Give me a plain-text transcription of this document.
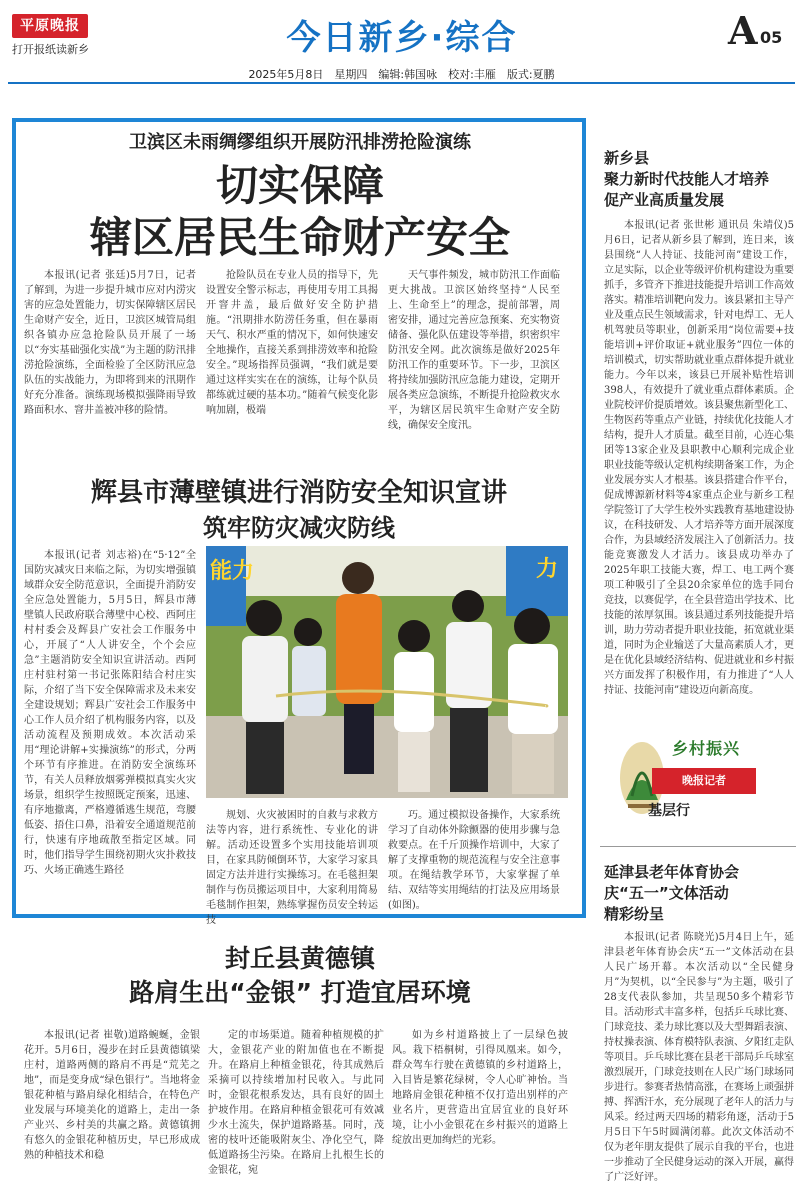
平原晚报
打开报纸读新乡	今日新乡·综合	A 05
2025年5月8日　星期四　编辑:韩国咏　校对:丰雁　版式:夏鹏
卫滨区未雨绸缪组织开展防汛排涝抢险演练
切实保障
辖区居民生命财产安全

本报讯(记者 张廷)5月7日，记者了解到，为进一步提升城市应对内涝灾害的应急处置能力，切实保障辖区居民生命财产安全，近日，卫滨区城管局组织各镇办应急抢险队员开展了一场以“夯实基础强化实战”为主题的防汛排涝抢险演练，全面检验了全区防汛应急队伍的实战能力，为即将到来的汛期作好充分准备。演练现场模拟强降雨导致路面积水、窨井盖被冲移的险情。

抢险队员在专业人员的指导下，先设置安全警示标志，再使用专用工具揭开窨井盖，最后做好安全防护措施。“汛期排水防涝任务重，但在暴雨天气、积水严重的情况下，如何快速安全地操作，直接关系到排涝效率和抢险安全。”现场指挥员强调，“我们就是要通过这样实实在在的演练，让每个队员都练就过硬的基本功。”随着气候变化影响加剧，极端

天气事件频发，城市防汛工作面临更大挑战。卫滨区始终坚持“人民至上、生命至上”的理念，提前部署，周密安排，通过完善应急预案、充实物资储备、强化队伍建设等举措，织密织牢防汛安全网。此次演练是做好2025年防汛工作的重要环节。下一步，卫滨区将持续加强防汛应急能力建设，定期开展各类应急演练，不断提升抢险救灾水平，为辖区居民筑牢生命财产安全防线，确保安全度汛。

辉县市薄壁镇进行消防安全知识宣讲
筑牢防灾减灾防线

本报讯(记者 刘志裕)在“5·12”全国防灾减灾日来临之际，为切实增强镇域群众安全防范意识，全面提升消防安全应急处置能力，5月5日，辉县市薄壁镇人民政府联合薄壁中心校、西阿庄村村委会及辉县广安社会工作服务中心，开展了“人人讲安全，个个会应急”主题消防安全知识宣讲活动。西阿庄村驻村第一书记张陈阳结合村庄实际，介绍了当下安全保障需求及未来安全建设规划；辉县广安社会工作服务中心工作人员介绍了机构服务内容，以及活动流程及预期成效。本次活动采用“理论讲解+实操演练”的形式，分两个环节有序推进。在消防安全演练环节，有关人员释放烟雾弹模拟真实火灾场景，组织学生按照既定预案，迅速、有序地撤离，严格遵循逃生规范，弯腰低姿、捂住口鼻，沿着安全通道规范前行，快速有序地疏散至指定区域。同时，他们指导学生围绕初期火灾扑救技巧、火场正确逃生路径

能力	力

规划、火灾被困时的自救与求救方法等内容，进行系统性、专业化的讲解。活动还设置多个实用技能培训项目，在家具防倾倒环节，大家学习家具固定方法并进行实操练习。在毛毯担架制作与伤员搬运项目中，大家利用简易毛毯制作担架，熟练掌握伤员安全转运技

巧。通过模拟设备操作，大家系统学习了自动体外除颤器的使用步骤与急救要点。在千斤顶操作培训中，大家了解了支撑重物的规范流程与安全注意事项。在绳结教学环节，大家掌握了单结、双结等实用绳结的打法及应用场景(如图)。

新乡县
聚力新时代技能人才培养
促产业高质量发展

本报讯(记者 张世彬 通讯员 朱靖仪)5月6日，记者从新乡县了解到，连日来，该县围绕“人人持证、技能河南”建设工作，立足实际，以企业等级评价机构建设为重要抓手，多管齐下推进技能提升培训工作高效落实。精准培训靶向发力。该县紧扣主导产业及重点民生领域需求，针对电焊工、无人机驾驶员等职业，创新采用“岗位需要+技能培训+评价取证+就业服务”四位一体的培训模式，切实帮助就业重点群体提升就业能力。今年以来，该县已开展补贴性培训398人，有效提升了就业重点群体素质。企业院校评价提质增效。该县聚焦新型化工、生物医药等重点产业链，持续优化技能人才结构，提升人才质量。截至目前，心连心集团等13家企业及县职教中心顺利完成企业职业技能等级认定机构续期备案工作，为企业发展夯实人才根基。该县搭建合作平台，促成博源新材料等4家重点企业与新乡工程学院签订了大学生校外实践教育基地建设协议，在科技研发、人才培养等方面开展深度合作，为县域经济发展注入了创新活力。技能竞赛激发人才活力。该县成功举办了2025年职工技能大赛，焊工、电工两个赛项工种吸引了全县20余家单位的选手同台竞技，以赛促学，在全县营造出学技术、比技能的浓厚氛围。该县通过系列技能提升培训，助力劳动者提升职业技能，拓宽就业渠道，同时为企业输送了大量高素质人才，更是在优化县域经济结构、促进就业和乡村振兴方面发挥了积极作用，有力推进了“人人持证、技能河南”建设迈向新高度。

乡村振兴
晚报记者
基层行
延津县老年体育协会
庆“五一”文体活动
精彩纷呈

本报讯(记者 陈晓光)5月4日上午，延津县老年体育协会庆“五一”文体活动在县人民广场开幕。本次活动以“全民健身月”为契机，以“全民参与”为主题，吸引了28支代表队参加，共呈现50多个精彩节目。活动形式丰富多样，包括乒乓球比赛、门球竞技、柔力球比赛以及大型舞蹈表演、持杖操表演、体育模特队表演、夕阳红走队等项目。乒乓球比赛在县老干部局乒乓球室激烈展开，门球竞技则在人民广场门球场同步进行。参赛者热情高涨，在赛场上顽强拼搏、挥洒汗水，充分展现了老年人的活力与风采。经过两天四场的精彩角逐，活动于5月5日下午5时圆满闭幕。此次文体活动不仅为老年朋友提供了展示自我的平台，也进一步推动了全民健身运动的深入开展，赢得了广泛好评。

封丘县黄德镇
路肩生出“金银” 打造宜居环境

本报讯(记者 崔敬)道路蜿蜒，金银花开。5月6日，漫步在封丘县黄德镇梁庄村，道路两侧的路肩不再是“荒芜之地”，而是变身成“绿色银行”。当地将金银花种植与路肩绿化相结合，在特色产业发展与环境美化的道路上，走出一条产业兴、乡村美的共赢之路。黄德镇拥有悠久的金银花种植历史，早已形成成熟的种植技术和稳

定的市场渠道。随着种植规模的扩大，金银花产业的附加值也在不断提升。在路肩上种植金银花，待其成熟后采摘可以持续增加村民收入。与此同时，金银花根系发达，具有良好的固土护坡作用。在路肩种植金银花可有效减少水土流失，保护道路路基。同时，茂密的枝叶还能吸附灰尘、净化空气，降低道路扬尘污染。在路肩上扎根生长的金银花，宛

如为乡村道路披上了一层绿色披风。栽下梧桐树，引得凤凰来。如今，群众驾车行驶在黄德镇的乡村道路上，入目皆是繁花绿树，令人心旷神怡。当地路肩金银花种植不仅打造出别样的产业名片，更营造出宜居宜业的良好环境，让小小金银花在乡村振兴的道路上绽放出更加绚烂的光彩。
